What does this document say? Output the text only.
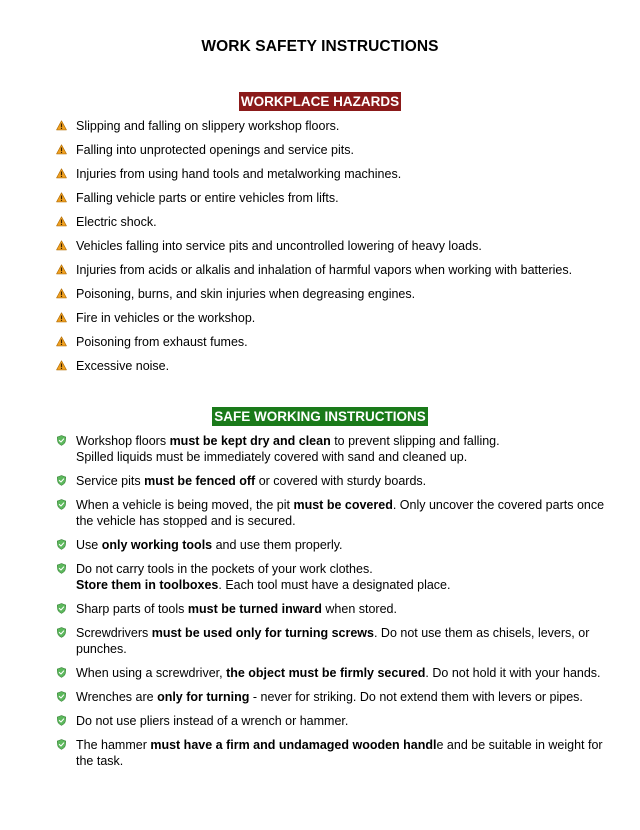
WORK SAFETY INSTRUCTIONS
WORKPLACE HAZARDS
Slipping and falling on slippery workshop floors.
Falling into unprotected openings and service pits.
Injuries from using hand tools and metalworking machines.
Falling vehicle parts or entire vehicles from lifts.
Electric shock.
Vehicles falling into service pits and uncontrolled lowering of heavy loads.
Injuries from acids or alkalis and inhalation of harmful vapors when working with batteries.
Poisoning, burns, and skin injuries when degreasing engines.
Fire in vehicles or the workshop.
Poisoning from exhaust fumes.
Excessive noise.
SAFE WORKING INSTRUCTIONS
Workshop floors must be kept dry and clean to prevent slipping and falling.
Spilled liquids must be immediately covered with sand and cleaned up.
Service pits must be fenced off or covered with sturdy boards.
When a vehicle is being moved, the pit must be covered. Only uncover the covered parts once the vehicle has stopped and is secured.
Use only working tools and use them properly.
Do not carry tools in the pockets of your work clothes.
Store them in toolboxes. Each tool must have a designated place.
Sharp parts of tools must be turned inward when stored.
Screwdrivers must be used only for turning screws. Do not use them as chisels, levers, or punches.
When using a screwdriver, the object must be firmly secured. Do not hold it with your hands.
Wrenches are only for turning - never for striking. Do not extend them with levers or pipes.
Do not use pliers instead of a wrench or hammer.
The hammer must have a firm and undamaged wooden handle and be suitable in weight for the task.
